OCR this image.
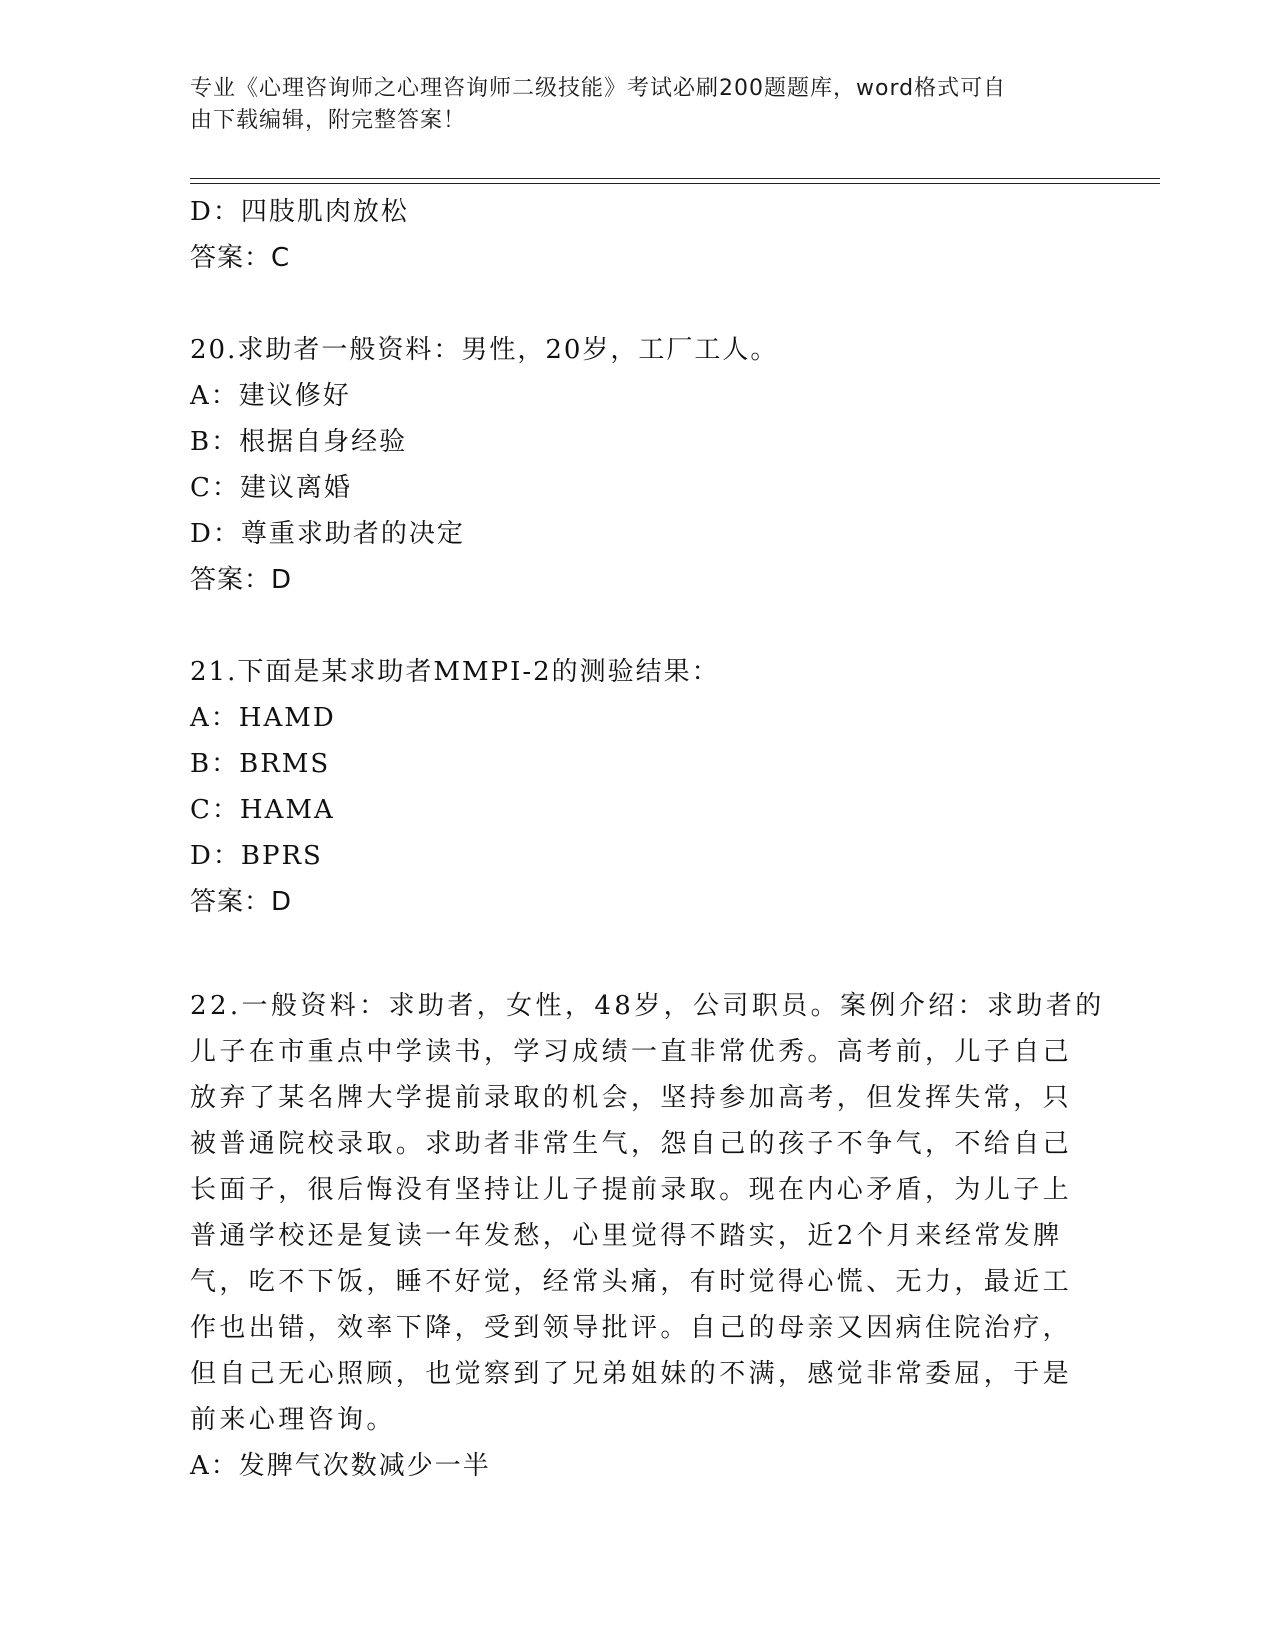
专业《心理咨询师之心理咨询师二级技能》考试必刷200题题库，word格式可自
由下载编辑，附完整答案！
D：四肢肌肉放松
答案：C
20.求助者一般资料：男性，20岁，工厂工人。
A：建议修好
B：根据自身经验
C：建议离婚
D：尊重求助者的决定
答案：D
21.下面是某求助者MMPI-2的测验结果：
A：HAMD
B：BRMS
C：HAMA
D：BPRS
答案：D
22.一般资料：求助者，女性，48岁，公司职员。案例介绍：求助者的
儿子在市重点中学读书，学习成绩一直非常优秀。高考前，儿子自己
放弃了某名牌大学提前录取的机会，坚持参加高考，但发挥失常，只
被普通院校录取。求助者非常生气，怨自己的孩子不争气，不给自己
长面子，很后悔没有坚持让儿子提前录取。现在内心矛盾，为儿子上
普通学校还是复读一年发愁，心里觉得不踏实，近2个月来经常发脾
气，吃不下饭，睡不好觉，经常头痛，有时觉得心慌、无力，最近工
作也出错，效率下降，受到领导批评。自己的母亲又因病住院治疗，
但自己无心照顾，也觉察到了兄弟姐妹的不满，感觉非常委屈，于是
前来心理咨询。
A：发脾气次数减少一半
